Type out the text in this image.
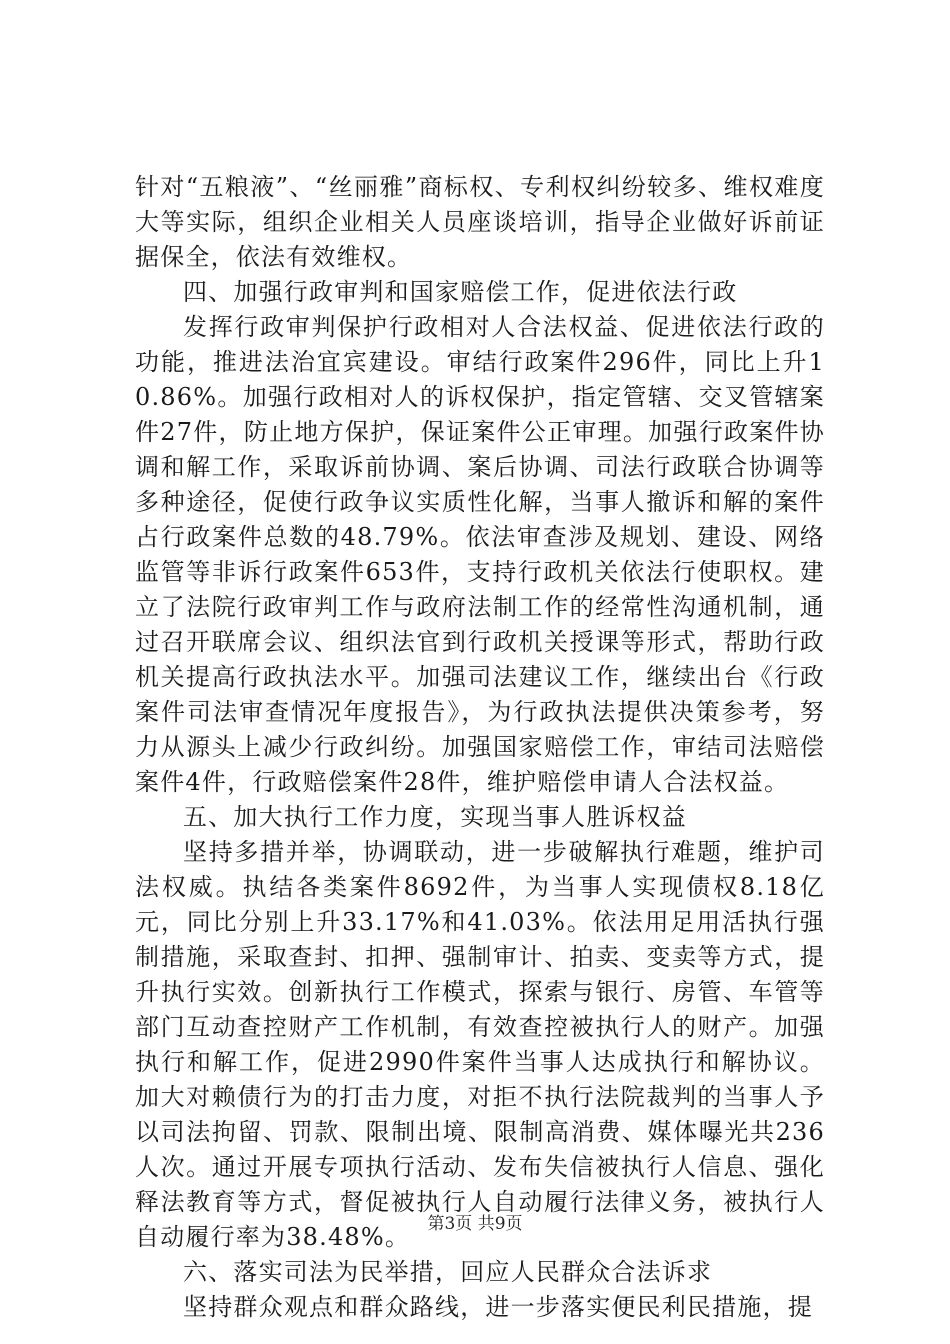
针对“五粮液”、“丝丽雅”商标权、专利权纠纷较多、维权难度大等实际，组织企业相关人员座谈培训，指导企业做好诉前证据保全，依法有效维权。

四、加强行政审判和国家赔偿工作，促进依法行政

发挥行政审判保护行政相对人合法权益、促进依法行政的功能，推进法治宜宾建设。审结行政案件296件，同比上升10.86%。加强行政相对人的诉权保护，指定管辖、交叉管辖案件27件，防止地方保护，保证案件公正审理。加强行政案件协调和解工作，采取诉前协调、案后协调、司法行政联合协调等多种途径，促使行政争议实质性化解，当事人撤诉和解的案件占行政案件总数的48.79%。依法审查涉及规划、建设、网络监管等非诉行政案件653件，支持行政机关依法行使职权。建立了法院行政审判工作与政府法制工作的经常性沟通机制，通过召开联席会议、组织法官到行政机关授课等形式，帮助行政机关提高行政执法水平。加强司法建议工作，继续出台《行政案件司法审查情况年度报告》，为行政执法提供决策参考，努力从源头上减少行政纠纷。加强国家赔偿工作，审结司法赔偿案件4件，行政赔偿案件28件，维护赔偿申请人合法权益。

五、加大执行工作力度，实现当事人胜诉权益

坚持多措并举，协调联动，进一步破解执行难题，维护司法权威。执结各类案件8692件，为当事人实现债权8.18亿元，同比分别上升33.17%和41.03%。依法用足用活执行强制措施，采取查封、扣押、强制审计、拍卖、变卖等方式，提升执行实效。创新执行工作模式，探索与银行、房管、车管等部门互动查控财产工作机制，有效查控被执行人的财产。加强执行和解工作，促进2990件案件当事人达成执行和解协议。加大对赖债行为的打击力度，对拒不执行法院裁判的当事人予以司法拘留、罚款、限制出境、限制高消费、媒体曝光共236人次。通过开展专项执行活动、发布失信被执行人信息、强化释法教育等方式，督促被执行人自动履行法律义务，被执行人自动履行率为38.48%。

六、落实司法为民举措，回应人民群众合法诉求

坚持群众观点和群众路线，进一步落实便民利民措施，提

第3页 共9页
